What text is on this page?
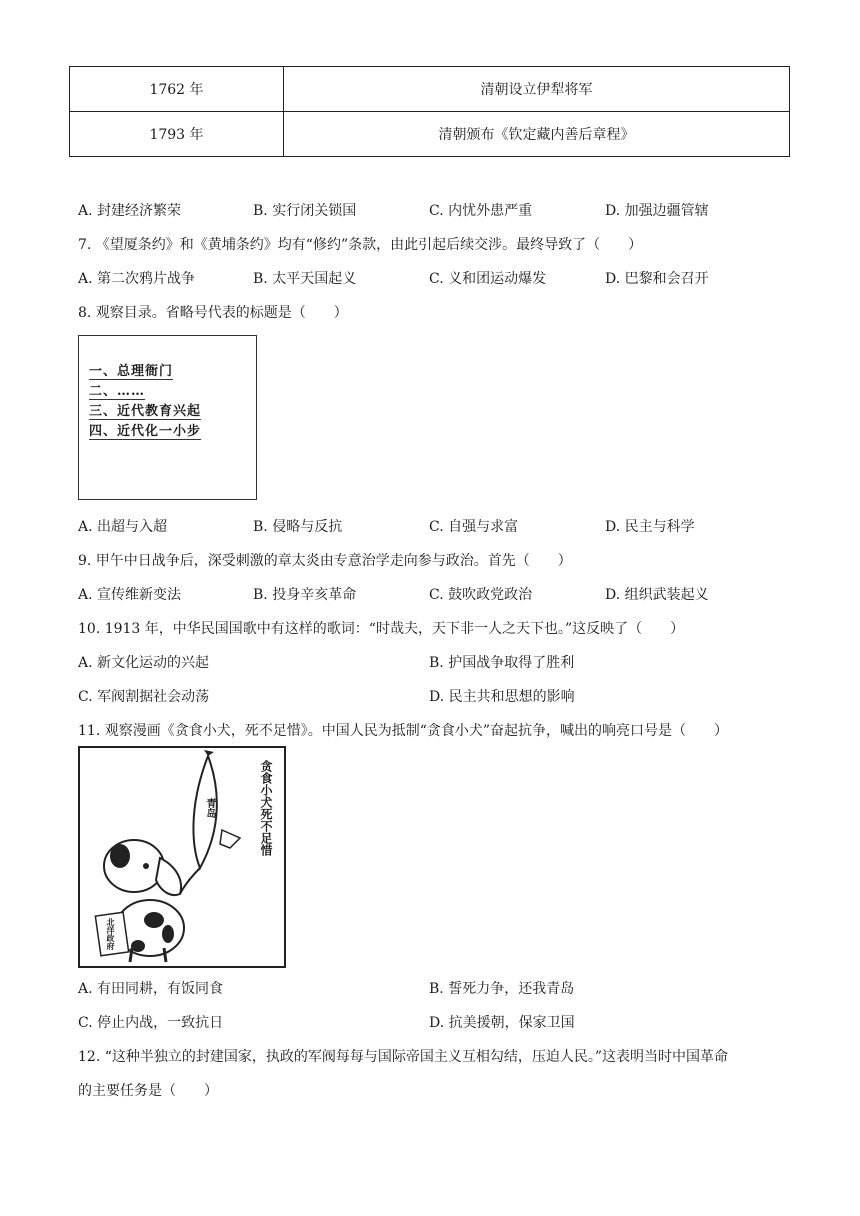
1762 年	清朝设立伊犁将军
1793 年	清朝颁布《钦定藏内善后章程》
A. 封建经济繁荣	B. 实行闭关锁国	C. 内忧外患严重	D. 加强边疆管辖
7. 《望厦条约》和《黄埔条约》均有“修约”条款，由此引起后续交涉。最终导致了（　　）
A. 第二次鸦片战争	B. 太平天国起义	C. 义和团运动爆发	D. 巴黎和会召开
8. 观察目录。省略号代表的标题是（　　）
一、总理衙门
二、……
三、近代教育兴起
四、近代化一小步
A. 出超与入超	B. 侵略与反抗	C. 自强与求富	D. 民主与科学
9. 甲午中日战争后，深受刺激的章太炎由专意治学走向参与政治。首先（　　）
A. 宣传维新变法	B. 投身辛亥革命	C. 鼓吹政党政治	D. 组织武装起义
10. 1913 年，中华民国国歌中有这样的歌词：“时哉夫，天下非一人之天下也。”这反映了（　　）
A. 新文化运动的兴起	B. 护国战争取得了胜利
C. 军阀割据社会动荡	D. 民主共和思想的影响
11. 观察漫画《贪食小犬，死不足惜》。中国人民为抵制“贪食小犬”奋起抗争，喊出的响亮口号是（　　）
贪食小犬死不足惜
青岛
北洋政府
A. 有田同耕，有饭同食	B. 誓死力争，还我青岛
C. 停止内战，一致抗日	D. 抗美援朝，保家卫国
12. “这种半独立的封建国家，执政的军阀每每与国际帝国主义互相勾结，压迫人民。”这表明当时中国革命
的主要任务是（　　）
